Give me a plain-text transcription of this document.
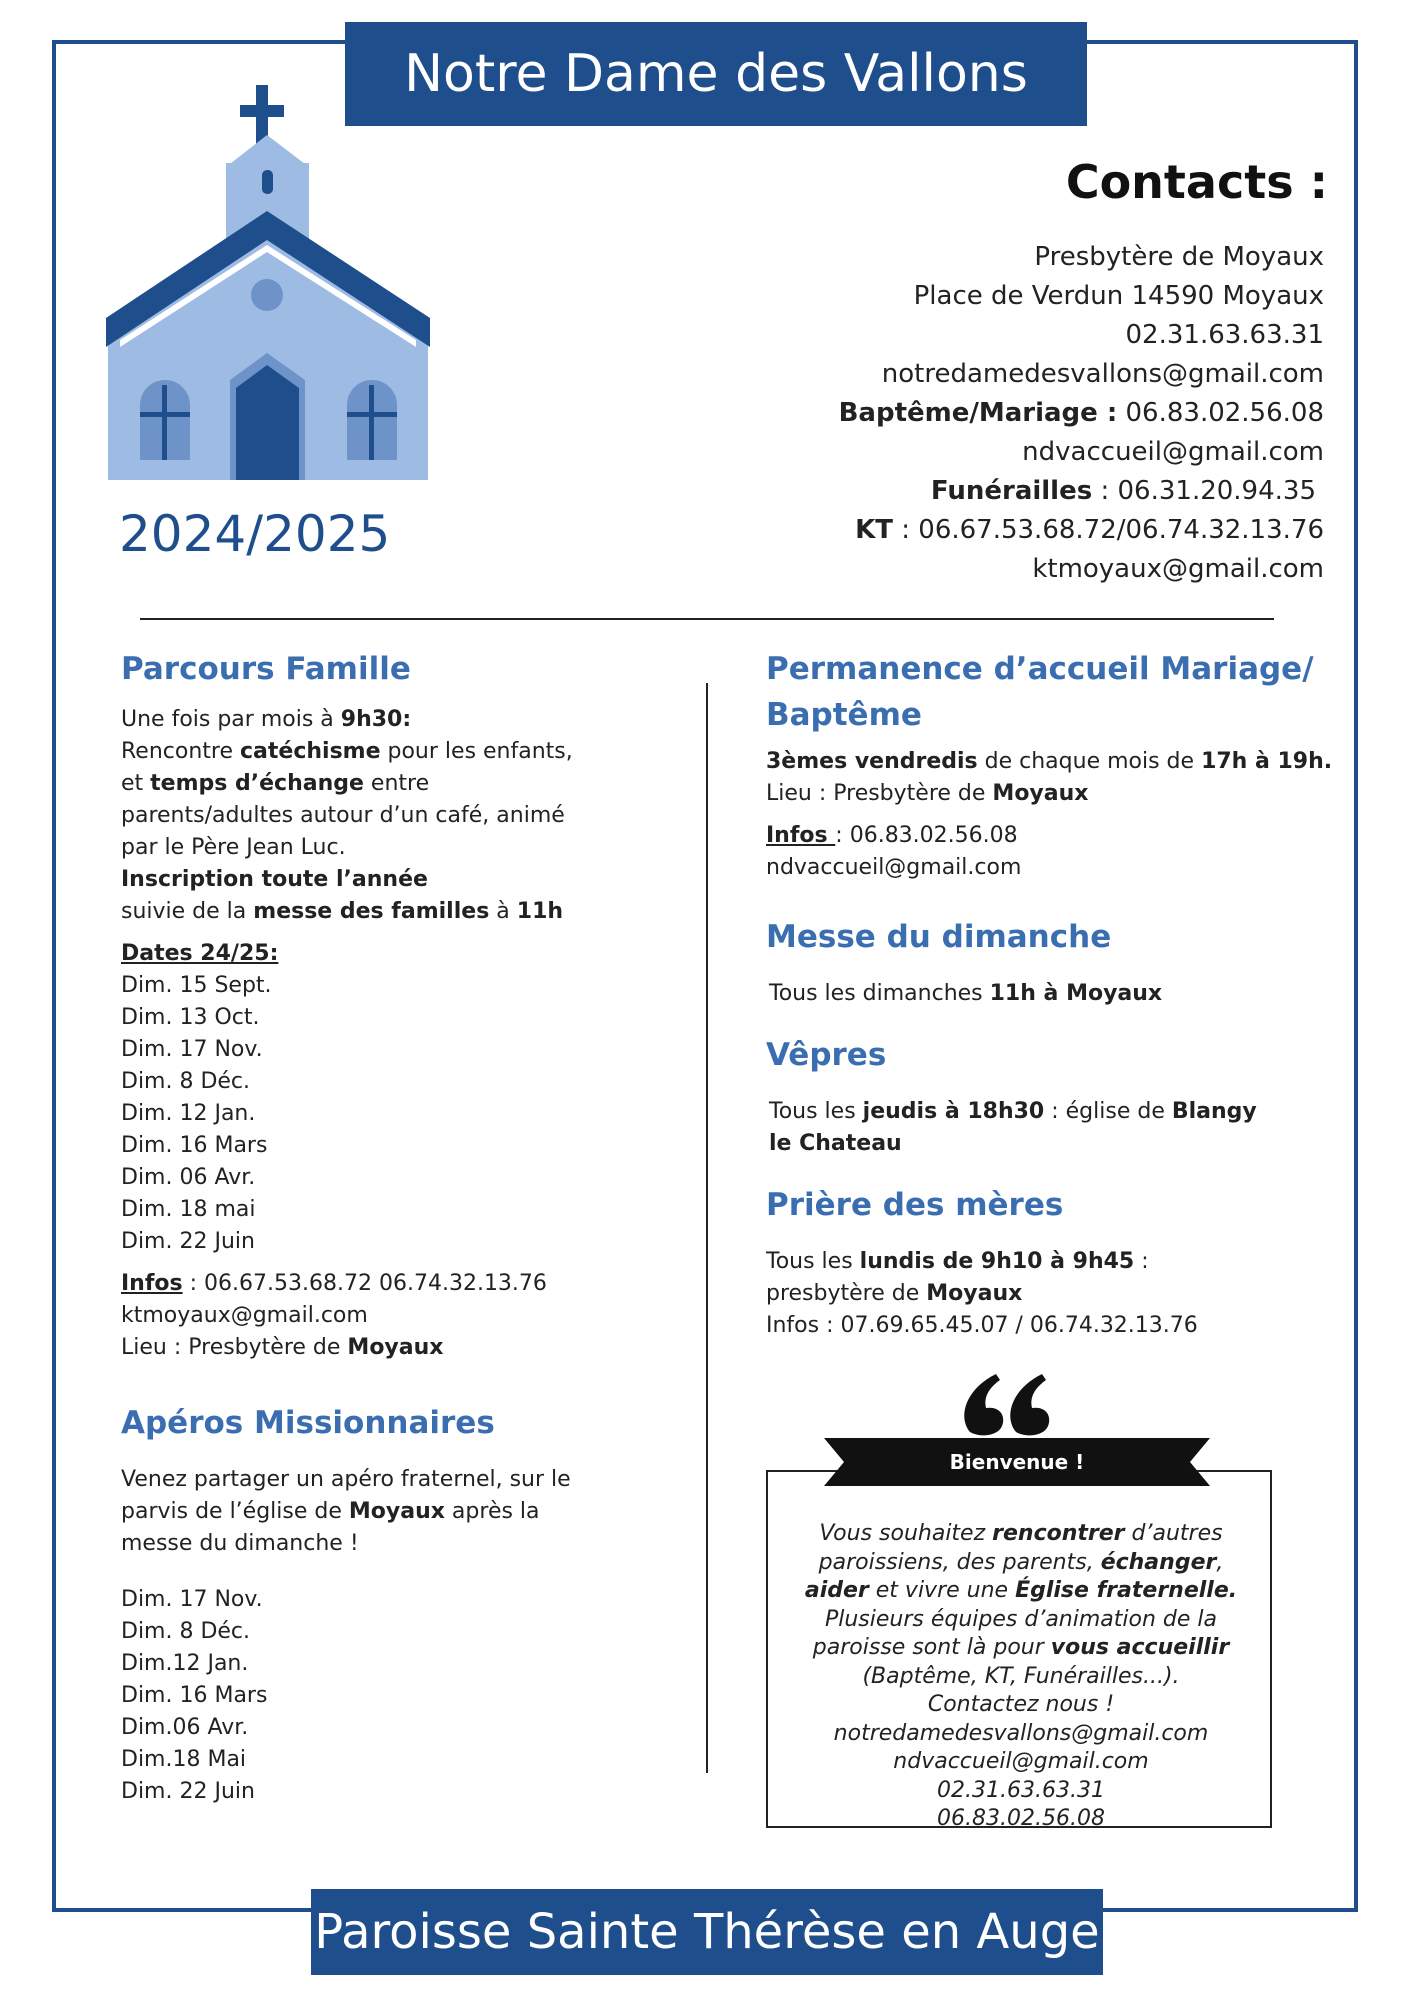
Notre Dame des Vallons
2024/2025
Contacts :
Presbytère de Moyaux
Place de Verdun 14590 Moyaux
02.31.63.63.31
notredamedesvallons@gmail.com
Baptême/Mariage : 06.83.02.56.08
ndvaccueil@gmail.com
Funérailles : 06.31.20.94.35
KT : 06.67.53.68.72/06.74.32.13.76
ktmoyaux@gmail.com
Parcours Famille

Une fois par mois à 9h30:

Rencontre catéchisme pour les enfants,

et temps d’échange entre

parents/adultes autour d’un café, animé

par le Père Jean Luc.

Inscription toute l’année

suivie de la messe des familles à 11h

Dates 24/25:

Dim. 15 Sept.
Dim. 13 Oct.
Dim. 17 Nov.
Dim. 8 Déc.
Dim. 12 Jan.
Dim. 16 Mars
Dim. 06 Avr.
Dim. 18 mai
Dim. 22 Juin

Infos : 06.67.53.68.72 06.74.32.13.76

ktmoyaux@gmail.com

Lieu : Presbytère de Moyaux

Apéros Missionnaires

Venez partager un apéro fraternel, sur le

parvis de l’église de Moyaux après la

messe du dimanche !

Dim. 17 Nov.
Dim. 8 Déc.
Dim.12 Jan.
Dim. 16 Mars
Dim.06 Avr.
Dim.18 Mai
Dim. 22 Juin
Permanence d’accueil Mariage/
Baptême

3èmes vendredis de chaque mois de 17h à 19h.

Lieu : Presbytère de Moyaux

Infos : 06.83.02.56.08

ndvaccueil@gmail.com

Messe du dimanche

Tous les dimanches 11h à Moyaux

Vêpres

Tous les jeudis à 18h30 : église de Blangy

le Chateau

Prière des mères

Tous les lundis de 9h10 à 9h45 :

presbytère de Moyaux

Infos : 07.69.65.45.07 / 06.74.32.13.76

Vous souhaitez rencontrer d’autres
paroissiens, des parents, échanger,
aider et vivre une Église fraternelle.
Plusieurs équipes d’animation de la
paroisse sont là pour vous accueillir
(Baptême, KT, Funérailles...).
Contactez nous !
notredamedesvallons@gmail.com
ndvaccueil@gmail.com
02.31.63.63.31
06.83.02.56.08
Bienvenue !
Paroisse Sainte Thérèse en Auge
